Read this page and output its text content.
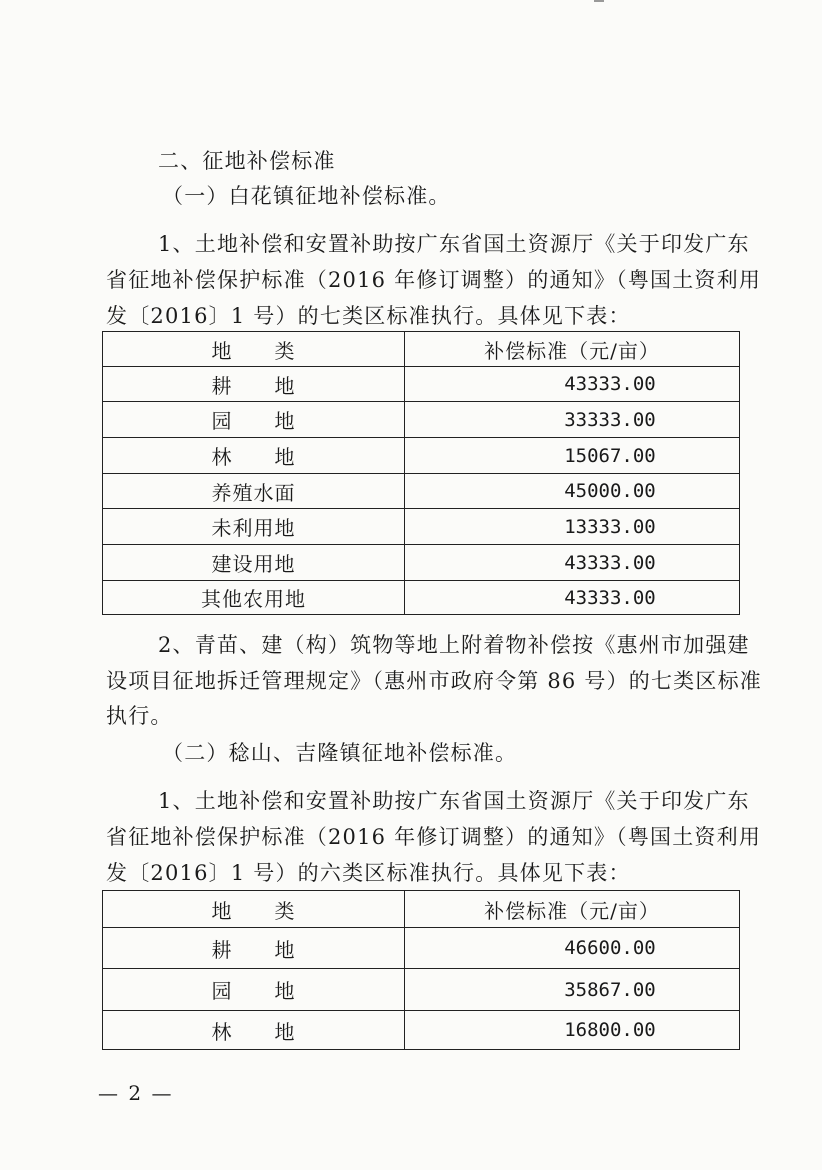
二、征地补偿标准
（一）白花镇征地补偿标准。
1、土地补偿和安置补助按广东省国土资源厅《关于印发广东
省征地补偿保护标准（2016 年修订调整）的通知》（粤国土资利用
发〔2016〕1 号）的七类区标准执行。具体见下表：
地　　类	补偿标准（元/亩）
耕　　地	43333.00
园　　地	33333.00
林　　地	15067.00
养殖水面	45000.00
未利用地	13333.00
建设用地	43333.00
其他农用地	43333.00
2、青苗、建（构）筑物等地上附着物补偿按《惠州市加强建
设项目征地拆迁管理规定》（惠州市政府令第 86 号）的七类区标准
执行。
（二）稔山、吉隆镇征地补偿标准。
1、土地补偿和安置补助按广东省国土资源厅《关于印发广东
省征地补偿保护标准（2016 年修订调整）的通知》（粤国土资利用
发〔2016〕1 号）的六类区标准执行。具体见下表：
地　　类	补偿标准（元/亩）
耕　　地	46600.00
园　　地	35867.00
林　　地	16800.00
— 2 —
